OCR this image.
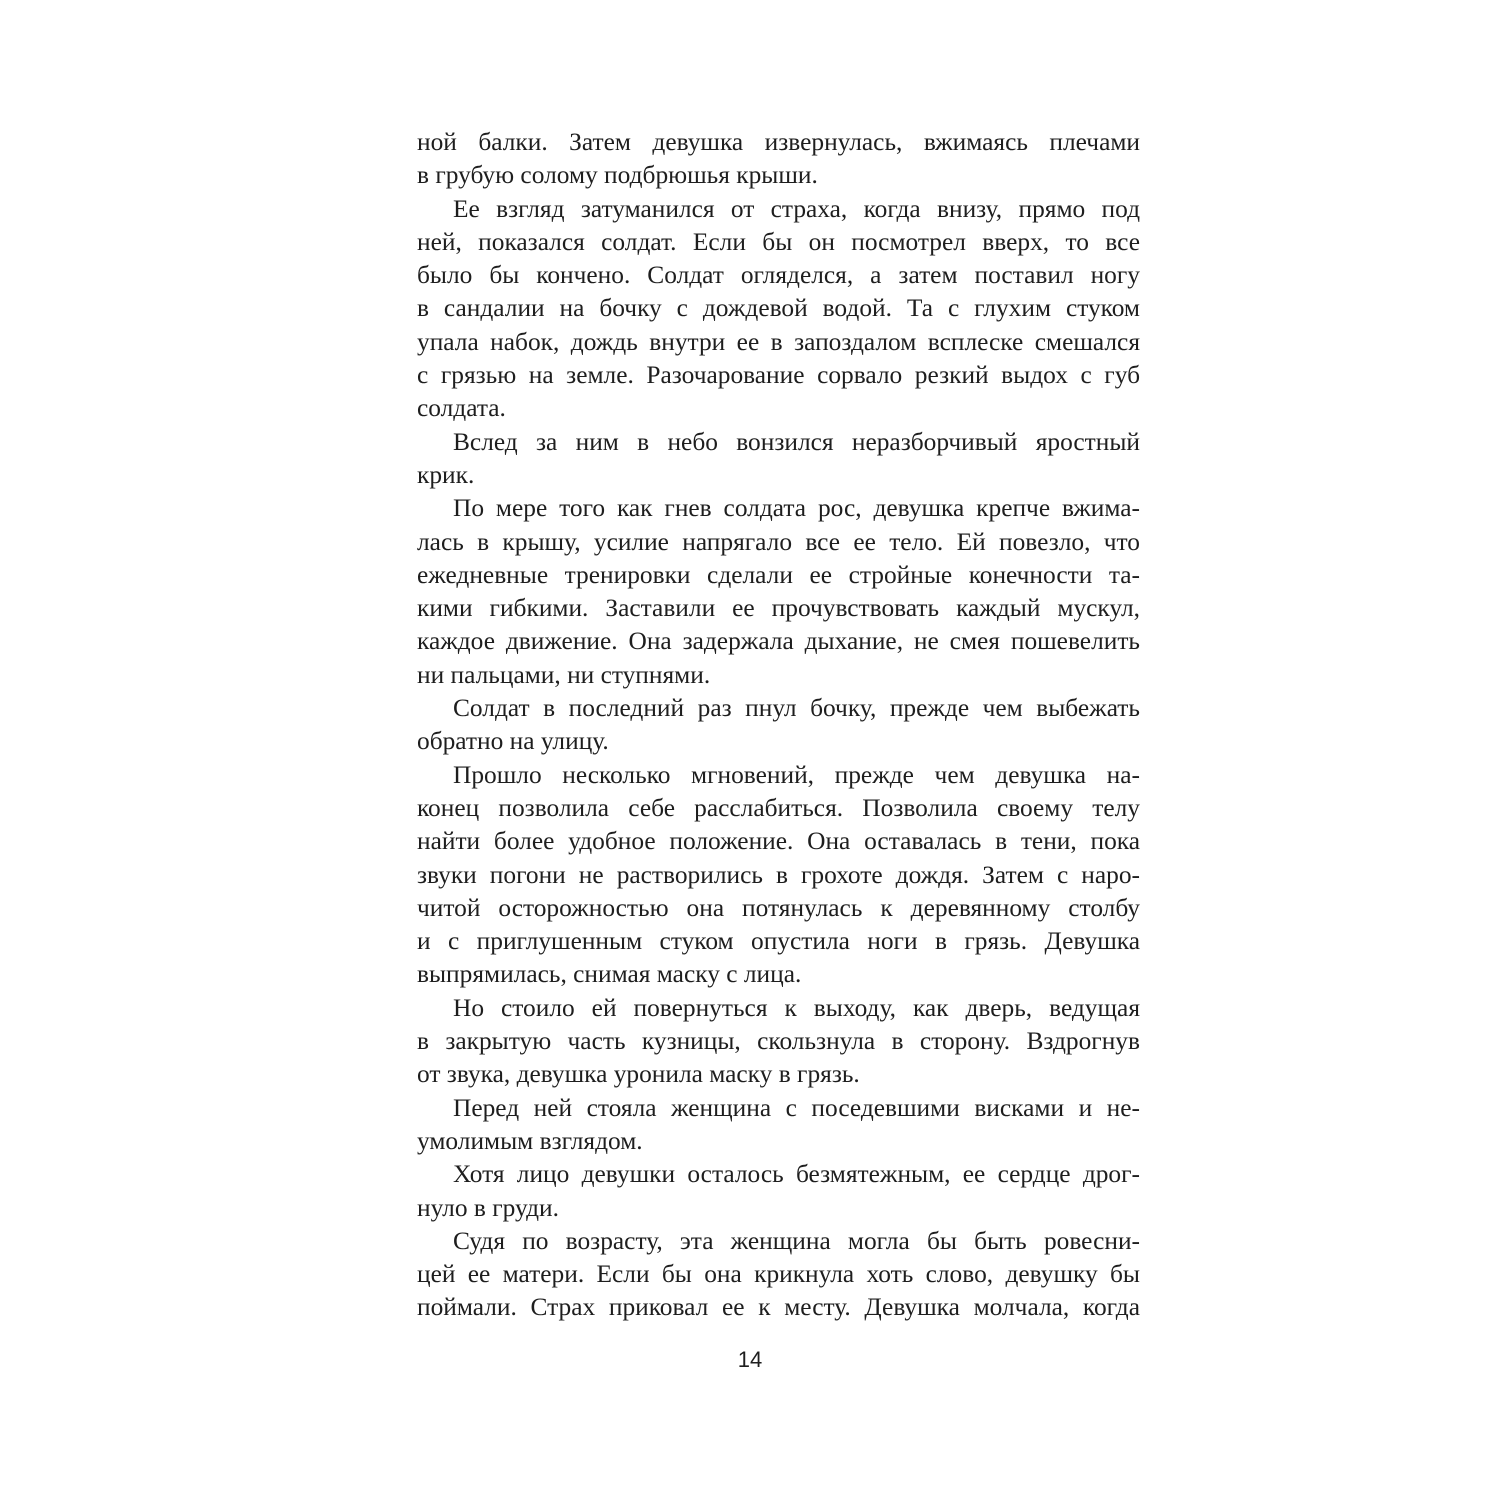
ной балки. Затем девушка извернулась, вжимаясь плечами
в грубую солому подбрюшья крыши.
Ее взгляд затуманился от страха, когда внизу, прямо под
ней, показался солдат. Если бы он посмотрел вверх, то все
было бы кончено. Солдат огляделся, а затем поставил ногу
в сандалии на бочку с дождевой водой. Та с глухим стуком
упала набок, дождь внутри ее в запоздалом всплеске смешался
с грязью на земле. Разочарование сорвало резкий выдох с губ
солдата.
Вслед за ним в небо вонзился неразборчивый яростный
крик.
По мере того как гнев солдата рос, девушка крепче вжима-
лась в крышу, усилие напрягало все ее тело. Ей повезло, что
ежедневные тренировки сделали ее стройные конечности та-
кими гибкими. Заставили ее прочувствовать каждый мускул,
каждое движение. Она задержала дыхание, не смея пошевелить
ни пальцами, ни ступнями.
Солдат в последний раз пнул бочку, прежде чем выбежать
обратно на улицу.
Прошло несколько мгновений, прежде чем девушка на-
конец позволила себе расслабиться. Позволила своему телу
найти более удобное положение. Она оставалась в тени, пока
звуки погони не растворились в грохоте дождя. Затем с наро-
читой осторожностью она потянулась к деревянному столбу
и с приглушенным стуком опустила ноги в грязь. Девушка
выпрямилась, снимая маску с лица.
Но стоило ей повернуться к выходу, как дверь, ведущая
в закрытую часть кузницы, скользнула в сторону. Вздрогнув
от звука, девушка уронила маску в грязь.
Перед ней стояла женщина с поседевшими висками и не-
умолимым взглядом.
Хотя лицо девушки осталось безмятежным, ее сердце дрог-
нуло в груди.
Судя по возрасту, эта женщина могла бы быть ровесни-
цей ее матери. Если бы она крикнула хоть слово, девушку бы
поймали. Страх приковал ее к месту. Девушка молчала, когда
14
